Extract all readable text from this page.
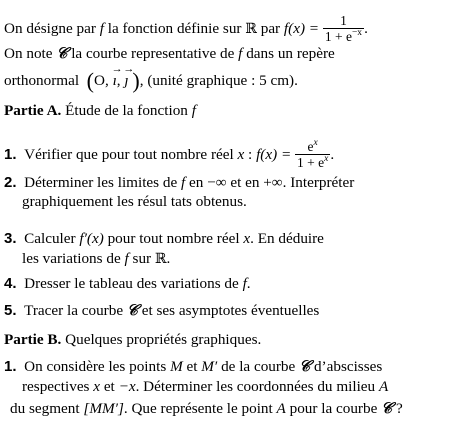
On désigne par f la fonction définie sur ℝ par $f(x) = \frac{1}{1 + e^{-x}}$ .
On note 𝒞 la courbe representative de f dans un repère
orthonormal (O, → ı, → ȷ ), (unité graphique : 5 cm).
Partie A. Étude de la fonction f
1. Vérifier que pour tout nombre réel x : $f(x) = \frac{e^x}{1 + e^x}$ .
2. Déterminer les limites de f en −∞ et en +∞. Interpréter
graphiquement les résul tats obtenus.
3. Calculer f′(x) pour tout nombre réel x. En déduire
les variations de f sur ℝ.
4. Dresser le tableau des variations de f.
5. Tracer la courbe 𝒞 et ses asymptotes éventuelles
Partie B. Quelques propriétés graphiques.
1. On considère les points M et M′ de la courbe 𝒞 d’abscisses
respectives x et −x. Déterminer les coordonnées du milieu A
du segment [MM′]. Que représente le point A pour la courbe 𝒞 ?
